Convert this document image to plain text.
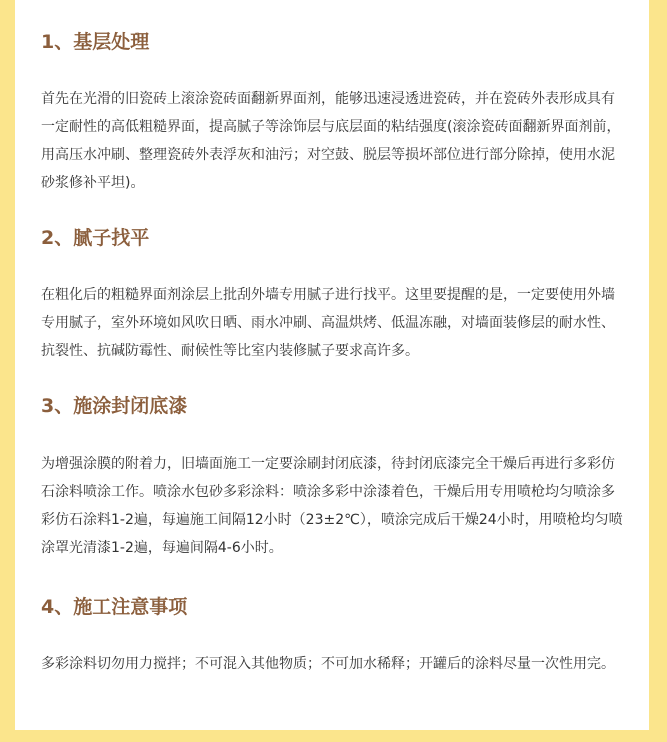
1、基层处理

首先在光滑的旧瓷砖上滚涂瓷砖面翻新界面剂，能够迅速浸透进瓷砖，并在瓷砖外表形成具有一定耐性的高低粗糙界面，提高腻子等涂饰层与底层面的粘结强度(滚涂瓷砖面翻新界面剂前，用高压水冲刷、整理瓷砖外表浮灰和油污；对空鼓、脱层等损坏部位进行部分除掉，使用水泥砂浆修补平坦)。

2、腻子找平

在粗化后的粗糙界面剂涂层上批刮外墙专用腻子进行找平。这里要提醒的是，一定要使用外墙专用腻子，室外环境如风吹日晒、雨水冲刷、高温烘烤、低温冻融，对墙面装修层的耐水性、抗裂性、抗碱防霉性、耐候性等比室内装修腻子要求高许多。

3、施涂封闭底漆

为增强涂膜的附着力，旧墙面施工一定要涂刷封闭底漆，待封闭底漆完全干燥后再进行多彩仿石涂料喷涂工作。喷涂水包砂多彩涂料：喷涂多彩中涂漆着色，干燥后用专用喷枪均匀喷涂多彩仿石涂料1-2遍，每遍施工间隔12小时（23±2℃），喷涂完成后干燥24小时，用喷枪均匀喷涂罩光清漆1-2遍，每遍间隔4-6小时。

4、施工注意事项

多彩涂料切勿用力搅拌；不可混入其他物质；不可加水稀释；开罐后的涂料尽量一次性用完。
